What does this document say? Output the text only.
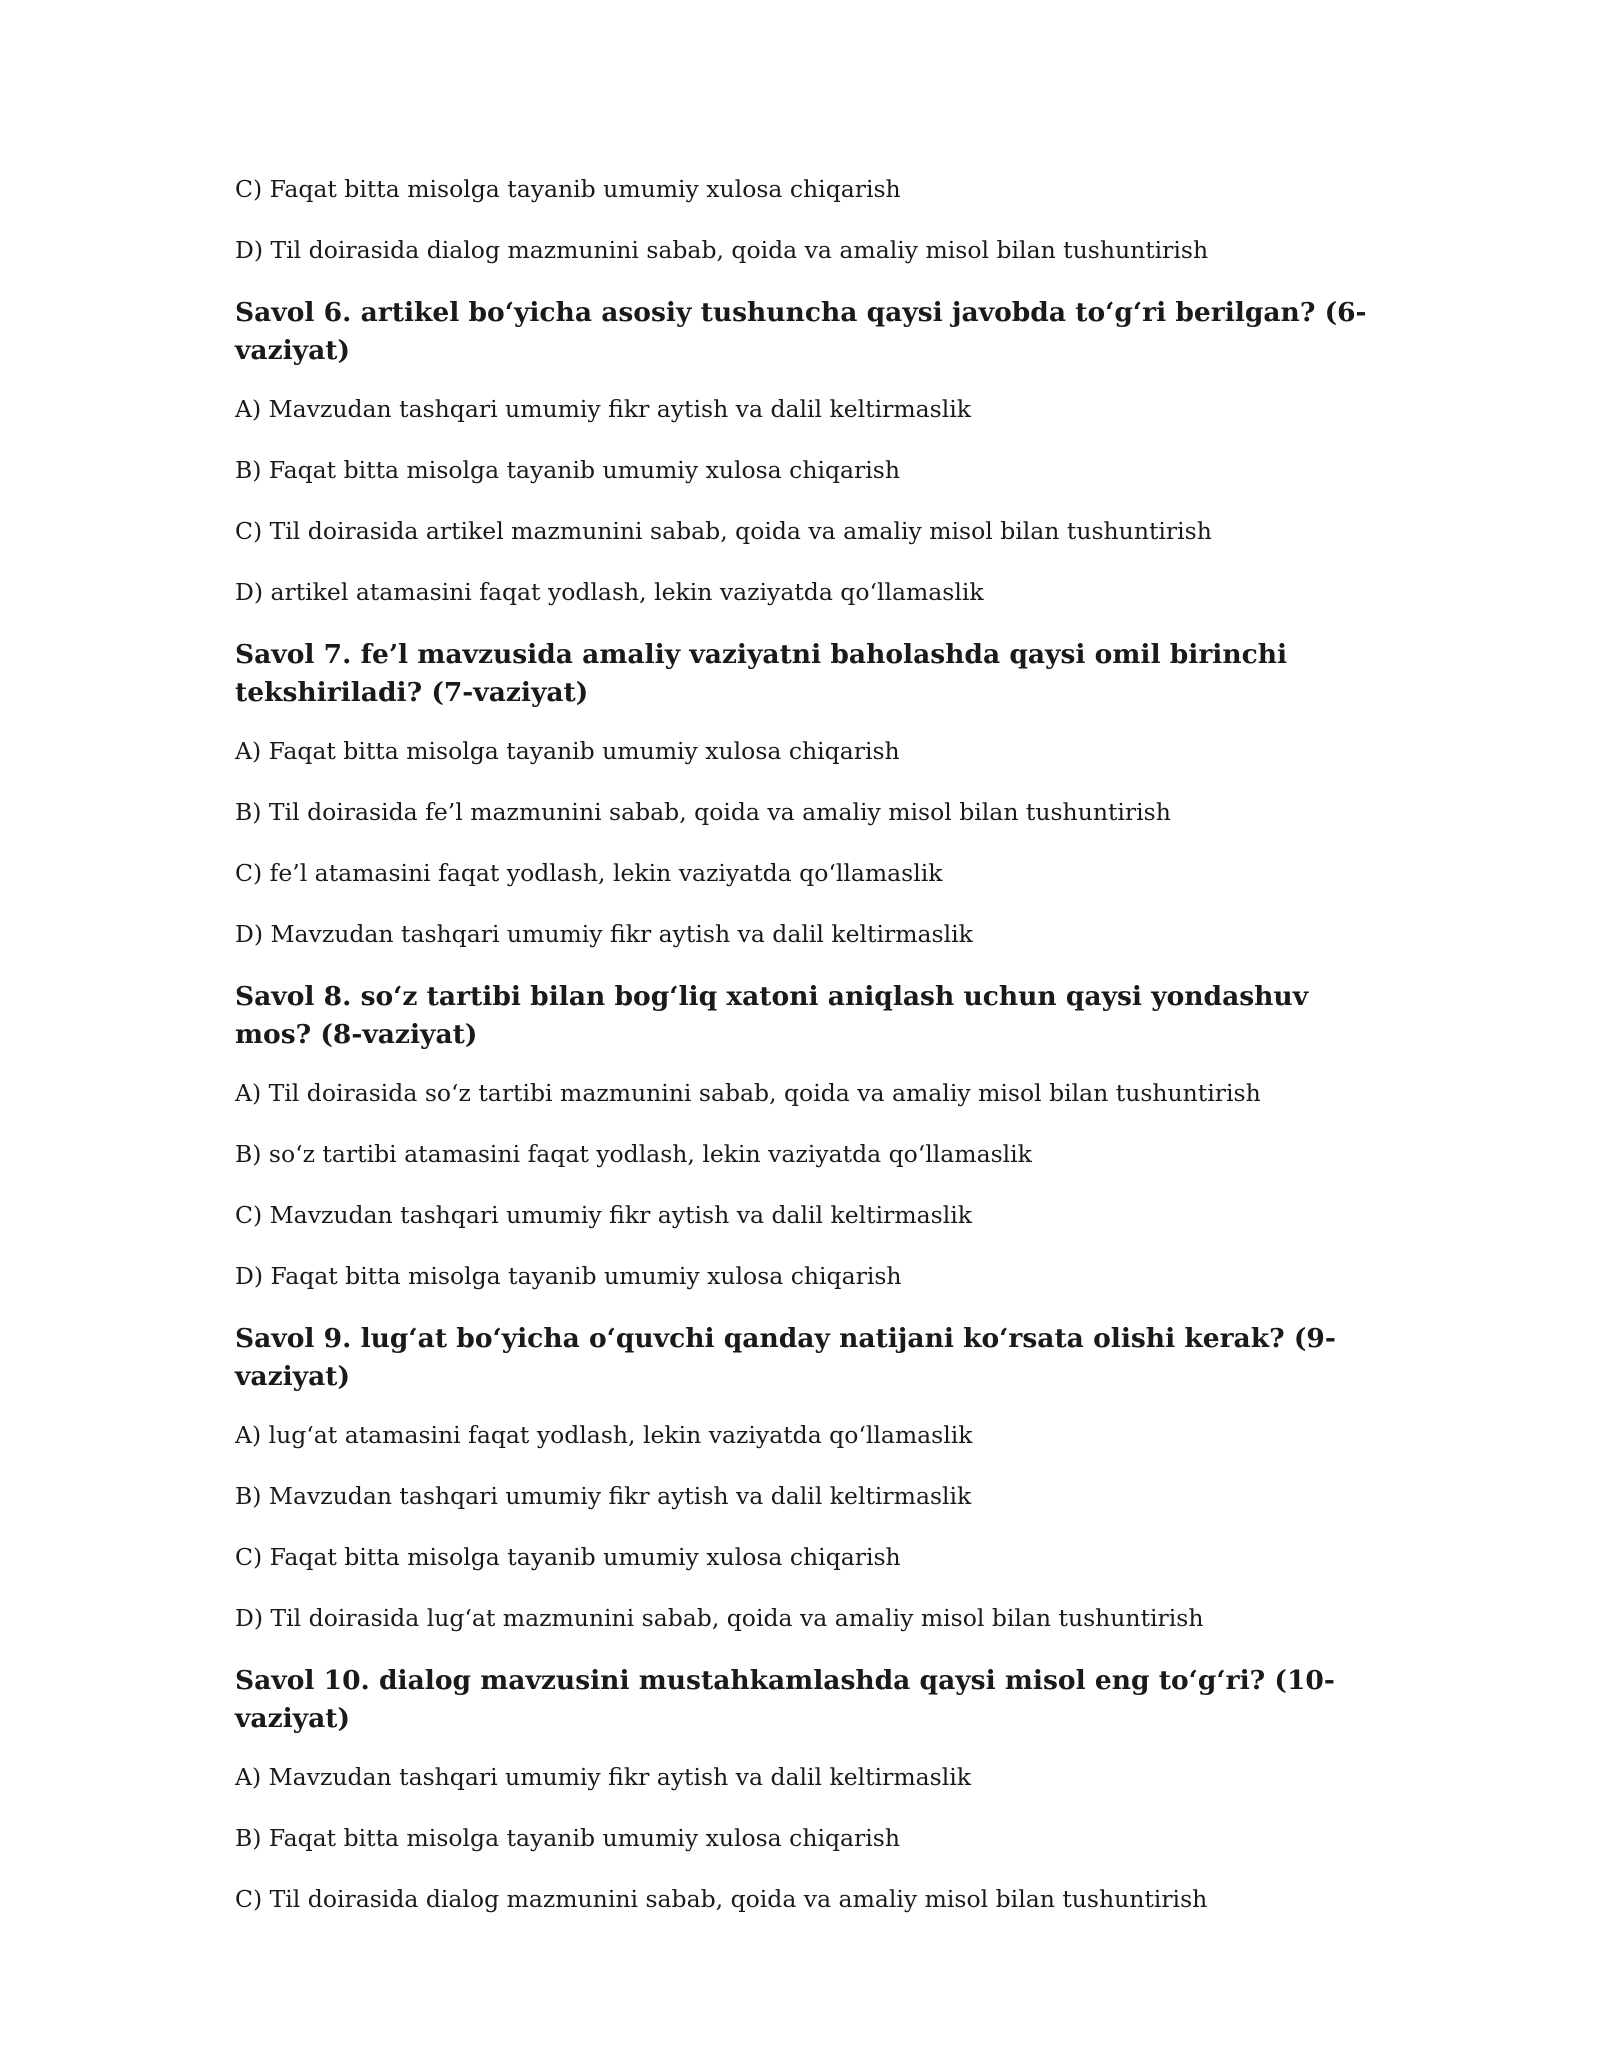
C) Faqat bitta misolga tayanib umumiy xulosa chiqarish

D) Til doirasida dialog mazmunini sabab, qoida va amaliy misol bilan tushuntirish

Savol 6. artikel bo‘yicha asosiy tushuncha qaysi javobda to‘g‘ri berilgan? (6-vaziyat)

A) Mavzudan tashqari umumiy fikr aytish va dalil keltirmaslik

B) Faqat bitta misolga tayanib umumiy xulosa chiqarish

C) Til doirasida artikel mazmunini sabab, qoida va amaliy misol bilan tushuntirish

D) artikel atamasini faqat yodlash, lekin vaziyatda qo‘llamaslik

Savol 7. fe’l mavzusida amaliy vaziyatni baholashda qaysi omil birinchi tekshiriladi? (7-vaziyat)

A) Faqat bitta misolga tayanib umumiy xulosa chiqarish

B) Til doirasida fe’l mazmunini sabab, qoida va amaliy misol bilan tushuntirish

C) fe’l atamasini faqat yodlash, lekin vaziyatda qo‘llamaslik

D) Mavzudan tashqari umumiy fikr aytish va dalil keltirmaslik

Savol 8. so‘z tartibi bilan bog‘liq xatoni aniqlash uchun qaysi yondashuv mos? (8-vaziyat)

A) Til doirasida so‘z tartibi mazmunini sabab, qoida va amaliy misol bilan tushuntirish

B) so‘z tartibi atamasini faqat yodlash, lekin vaziyatda qo‘llamaslik

C) Mavzudan tashqari umumiy fikr aytish va dalil keltirmaslik

D) Faqat bitta misolga tayanib umumiy xulosa chiqarish

Savol 9. lug‘at bo‘yicha o‘quvchi qanday natijani ko‘rsata olishi kerak? (9-vaziyat)

A) lug‘at atamasini faqat yodlash, lekin vaziyatda qo‘llamaslik

B) Mavzudan tashqari umumiy fikr aytish va dalil keltirmaslik

C) Faqat bitta misolga tayanib umumiy xulosa chiqarish

D) Til doirasida lug‘at mazmunini sabab, qoida va amaliy misol bilan tushuntirish

Savol 10. dialog mavzusini mustahkamlashda qaysi misol eng to‘g‘ri? (10-vaziyat)

A) Mavzudan tashqari umumiy fikr aytish va dalil keltirmaslik

B) Faqat bitta misolga tayanib umumiy xulosa chiqarish

C) Til doirasida dialog mazmunini sabab, qoida va amaliy misol bilan tushuntirish
